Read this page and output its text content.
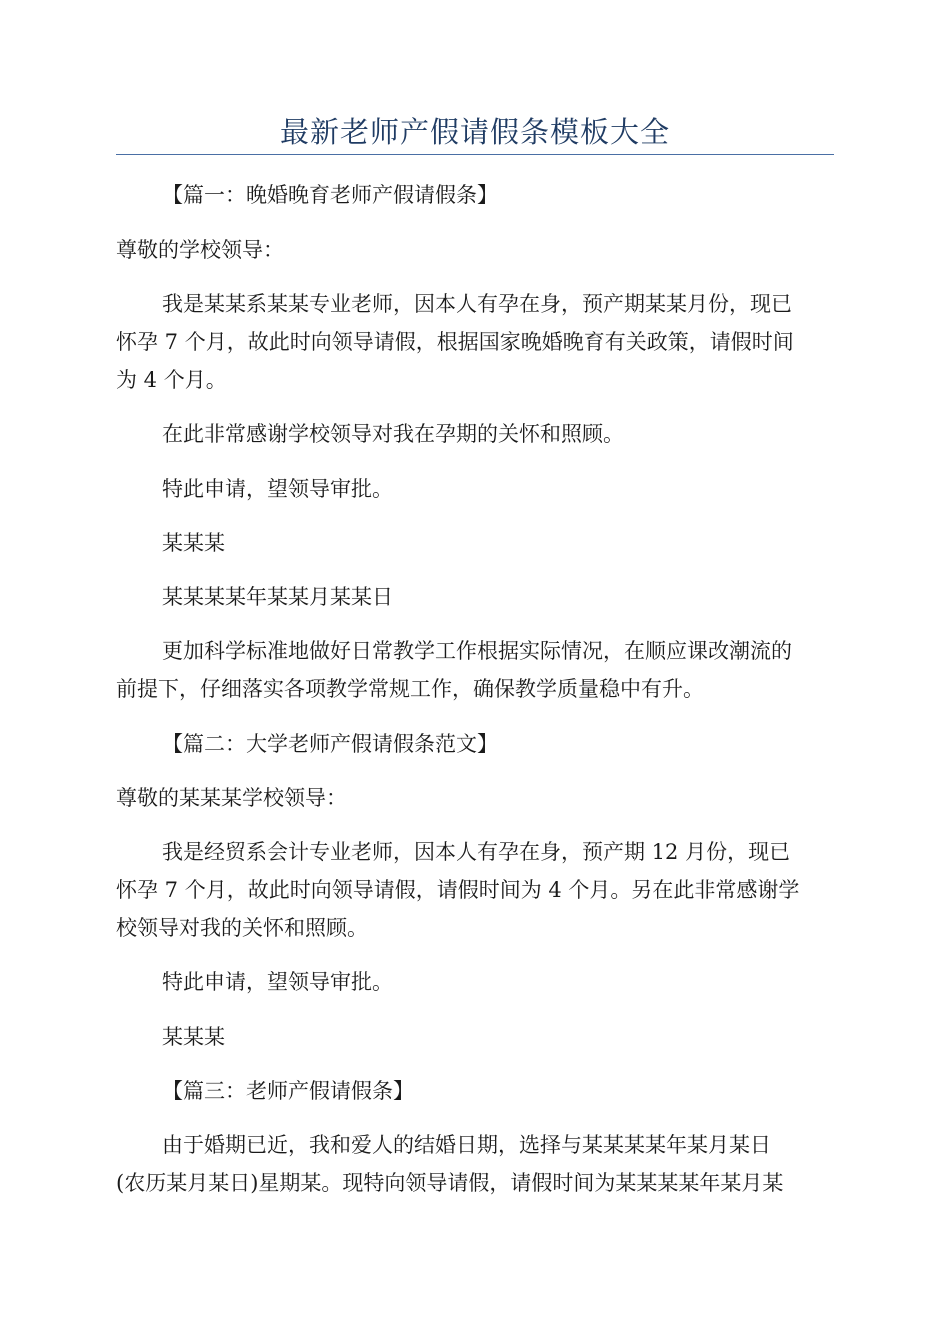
最新老师产假请假条模板大全
【篇一：晚婚晚育老师产假请假条】
尊敬的学校领导：
我是某某系某某专业老师，因本人有孕在身，预产期某某月份，现已
怀孕 7 个月，故此时向领导请假，根据国家晚婚晚育有关政策，请假时间
为 4 个月。
在此非常感谢学校领导对我在孕期的关怀和照顾。
特此申请，望领导审批。
某某某
某某某某年某某月某某日
更加科学标准地做好日常教学工作根据实际情况，在顺应课改潮流的
前提下，仔细落实各项教学常规工作，确保教学质量稳中有升。
【篇二：大学老师产假请假条范文】
尊敬的某某某学校领导：
我是经贸系会计专业老师，因本人有孕在身，预产期 12 月份，现已
怀孕 7 个月，故此时向领导请假，请假时间为 4 个月。另在此非常感谢学
校领导对我的关怀和照顾。
特此申请，望领导审批。
某某某
【篇三：老师产假请假条】
由于婚期已近，我和爱人的结婚日期，选择与某某某某年某月某日
(农历某月某日)星期某。现特向领导请假，请假时间为某某某某年某月某
